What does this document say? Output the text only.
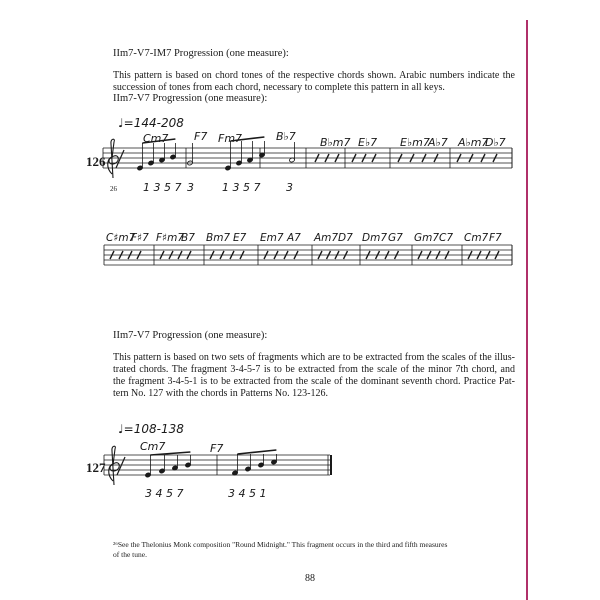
IIm7-V7-IM7 Progression (one measure):
This pattern is based on chord tones of the respective chords shown. Arabic numbers indicate the
succession of tones from each chord, necessary to complete this pattern in all keys.
IIm7-V7 Progression (one measure):
♩=144-208
126
26
IIm7-V7 Progression (one measure):
This pattern is based on two sets of fragments which are to be extracted from the scales of the illus-
trated chords. The fragment 3-4-5-7 is to be extracted from the scale of the minor 7th chord, and
the fragment 3-4-5-1 is to be extracted from the scale of the dominant seventh chord. Practice Pat-
tern No. 127 with the chords in Patterns No. 123-126.
♩=108-138
127
²⁶See the Thelonius Monk composition "Round Midnight." This fragment occurs in the third and fifth measures
of the tune.
88
Cm7 F7 Fm7	B♭7 B♭m7 E♭7 E♭m7
A♭7 A♭m7
D♭7
1 3 5 7 3	1 3 5 7 3
C♯m7
F♯7 F♯m7
B7 Bm7 E7 Em7 A7 Am7 D7 Dm7 G7 Gm7 C7 Cm7 F7
Cm7	F7
3 4 5 7	3 4 5 1
